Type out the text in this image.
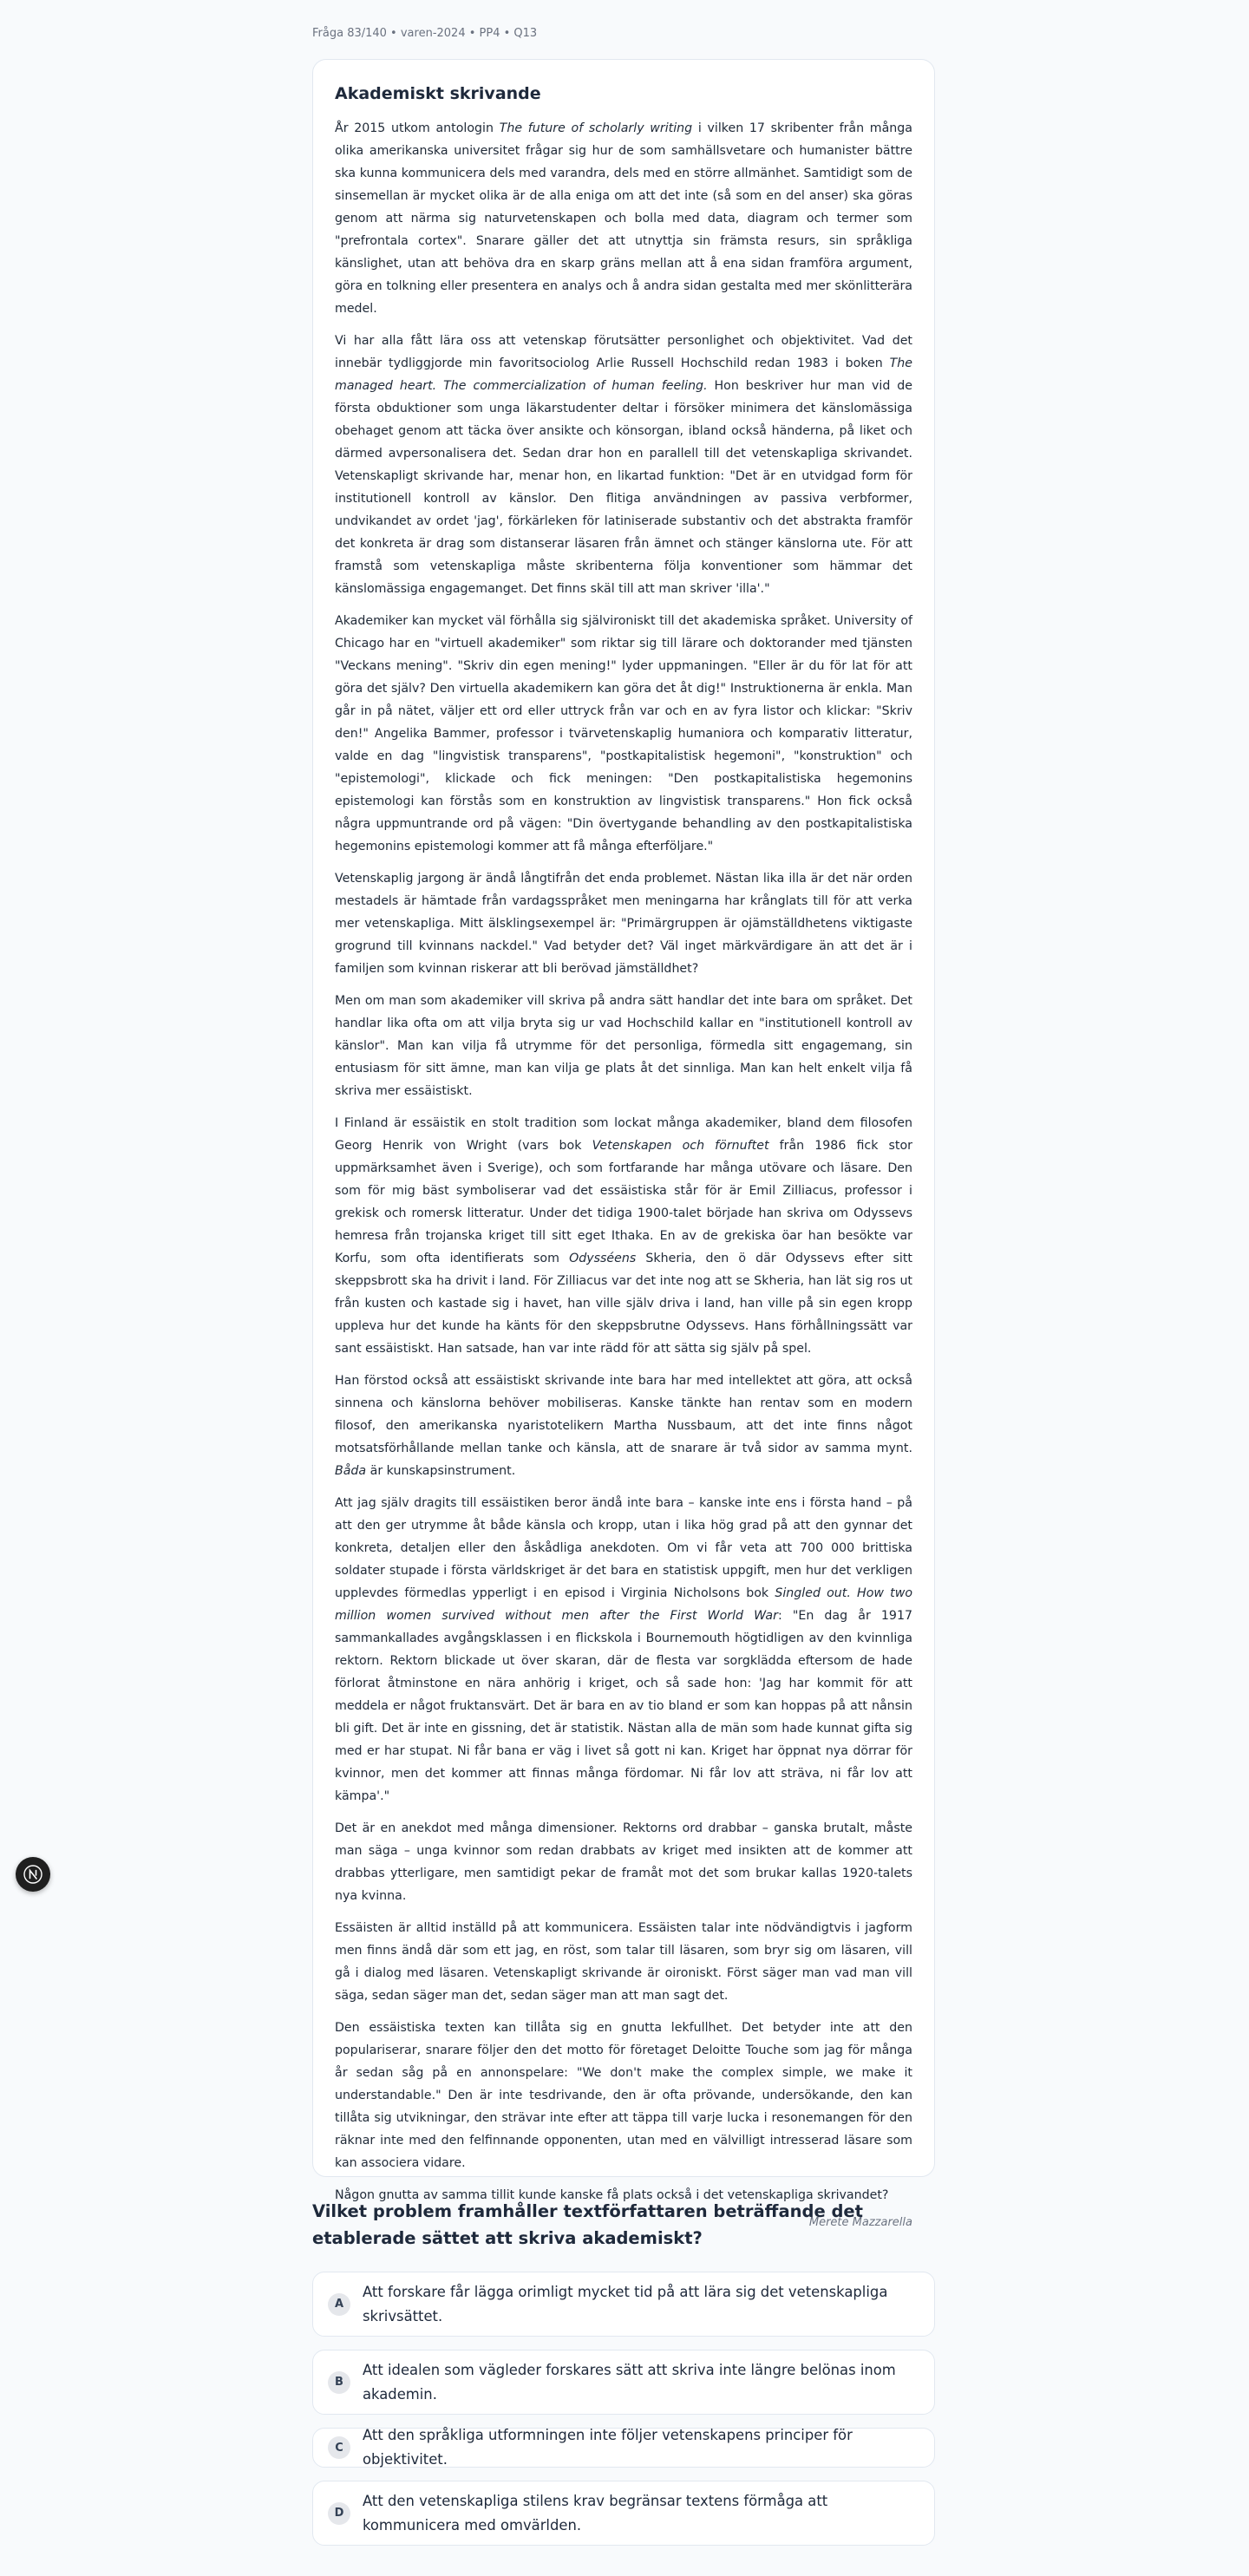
Fråga 83/140 • varen-2024 • PP4 • Q13
Akademiskt skrivande

År 2015 utkom antologin The future of scholarly writing i vilken 17 skribenter från många olika amerikanska universitet frågar sig hur de som samhällsvetare och humanister bättre ska kunna kommunicera dels med varandra, dels med en större allmänhet. Samtidigt som de sinsemellan är mycket olika är de alla eniga om att det inte (så som en del anser) ska göras genom att närma sig naturvetenskapen och bolla med data, diagram och termer som "prefrontala cortex". Snarare gäller det att utnyttja sin främsta resurs, sin språkliga känslighet, utan att behöva dra en skarp gräns mellan att å ena sidan framföra argument, göra en tolkning eller presentera en analys och å andra sidan gestalta med mer skönlitterära medel.

Vi har alla fått lära oss att vetenskap förutsätter personlighet och objektivitet. Vad det innebär tydliggjorde min favoritsociolog Arlie Russell Hochschild redan 1983 i boken The managed heart. The commercialization of human feeling. Hon beskriver hur man vid de första obduktioner som unga läkarstudenter deltar i försöker minimera det känslomässiga obehaget genom att täcka över ansikte och könsorgan, ibland också händerna, på liket och därmed avpersonalisera det. Sedan drar hon en parallell till det vetenskapliga skrivandet. Vetenskapligt skrivande har, menar hon, en likartad funktion: "Det är en utvidgad form för institutionell kontroll av känslor. Den flitiga användningen av passiva verbformer, undvikandet av ordet 'jag', förkärleken för latiniserade substantiv och det abstrakta framför det konkreta är drag som distanserar läsaren från ämnet och stänger känslorna ute. För att framstå som vetenskapliga måste skribenterna följa konventioner som hämmar det känslomässiga engagemanget. Det finns skäl till att man skriver 'illa'."

Akademiker kan mycket väl förhålla sig självironiskt till det akademiska språket. University of Chicago har en "virtuell akademiker" som riktar sig till lärare och doktorander med tjänsten "Veckans mening". "Skriv din egen mening!" lyder uppmaningen. "Eller är du för lat för att göra det själv? Den virtuella akademikern kan göra det åt dig!" Instruktionerna är enkla. Man går in på nätet, väljer ett ord eller uttryck från var och en av fyra listor och klickar: "Skriv den!" Angelika Bammer, professor i tvärvetenskaplig humaniora och komparativ litteratur, valde en dag "lingvistisk transparens", "postkapitalistisk hegemoni", "konstruktion" och "epistemologi", klickade och fick meningen: "Den postkapitalistiska hegemonins epistemologi kan förstås som en konstruktion av lingvistisk transparens." Hon fick också några uppmuntrande ord på vägen: "Din övertygande behandling av den postkapitalistiska hegemonins epistemologi kommer att få många efterföljare."

Vetenskaplig jargong är ändå långtifrån det enda problemet. Nästan lika illa är det när orden mestadels är hämtade från vardagsspråket men meningarna har krånglats till för att verka mer vetenskapliga. Mitt älsklingsexempel är: "Primärgruppen är ojämställdhetens viktigaste grogrund till kvinnans nackdel." Vad betyder det? Väl inget märkvärdigare än att det är i familjen som kvinnan riskerar att bli berövad jämställdhet?

Men om man som akademiker vill skriva på andra sätt handlar det inte bara om språket. Det handlar lika ofta om att vilja bryta sig ur vad Hochschild kallar en "institutionell kontroll av känslor". Man kan vilja få utrymme för det personliga, förmedla sitt engagemang, sin entusiasm för sitt ämne, man kan vilja ge plats åt det sinnliga. Man kan helt enkelt vilja få skriva mer essäistiskt.

I Finland är essäistik en stolt tradition som lockat många akademiker, bland dem filosofen Georg Henrik von Wright (vars bok Vetenskapen och förnuftet från 1986 fick stor uppmärksamhet även i Sverige), och som fortfarande har många utövare och läsare. Den som för mig bäst symboliserar vad det essäistiska står för är Emil Zilliacus, professor i grekisk och romersk litteratur. Under det tidiga 1900-talet började han skriva om Odyssevs hemresa från trojanska kriget till sitt eget Ithaka. En av de grekiska öar han besökte var Korfu, som ofta identifierats som Odysséens Skheria, den ö där Odyssevs efter sitt skeppsbrott ska ha drivit i land. För Zilliacus var det inte nog att se Skheria, han lät sig ros ut från kusten och kastade sig i havet, han ville själv driva i land, han ville på sin egen kropp uppleva hur det kunde ha känts för den skeppsbrutne Odyssevs. Hans förhållningssätt var sant essäistiskt. Han satsade, han var inte rädd för att sätta sig själv på spel.

Han förstod också att essäistiskt skrivande inte bara har med intellektet att göra, att också sinnena och känslorna behöver mobiliseras. Kanske tänkte han rentav som en modern filosof, den amerikanska nyaristotelikern Martha Nussbaum, att det inte finns något motsatsförhållande mellan tanke och känsla, att de snarare är två sidor av samma mynt. Båda är kunskapsinstrument.

Att jag själv dragits till essäistiken beror ändå inte bara – kanske inte ens i första hand – på att den ger utrymme åt både känsla och kropp, utan i lika hög grad på att den gynnar det konkreta, detaljen eller den åskådliga anekdoten. Om vi får veta att 700 000 brittiska soldater stupade i första världskriget är det bara en statistisk uppgift, men hur det verkligen upplevdes förmedlas ypperligt i en episod i Virginia Nicholsons bok Singled out. How two million women survived without men after the First World War: "En dag år 1917 sammankallades avgångsklassen i en flickskola i Bournemouth högtidligen av den kvinnliga rektorn. Rektorn blickade ut över skaran, där de flesta var sorgklädda eftersom de hade förlorat åtminstone en nära anhörig i kriget, och så sade hon: 'Jag har kommit för att meddela er något fruktansvärt. Det är bara en av tio bland er som kan hoppas på att nånsin bli gift. Det är inte en gissning, det är statistik. Nästan alla de män som hade kunnat gifta sig med er har stupat. Ni får bana er väg i livet så gott ni kan. Kriget har öppnat nya dörrar för kvinnor, men det kommer att finnas många fördomar. Ni får lov att sträva, ni får lov att kämpa'."

Det är en anekdot med många dimensioner. Rektorns ord drabbar – ganska brutalt, måste man säga – unga kvinnor som redan drabbats av kriget med insikten att de kommer att drabbas ytterligare, men samtidigt pekar de framåt mot det som brukar kallas 1920-talets nya kvinna.

Essäisten är alltid inställd på att kommunicera. Essäisten talar inte nödvändigtvis i jagform men finns ändå där som ett jag, en röst, som talar till läsaren, som bryr sig om läsaren, vill gå i dialog med läsaren. Vetenskapligt skrivande är oironiskt. Först säger man vad man vill säga, sedan säger man det, sedan säger man att man sagt det.

Den essäistiska texten kan tillåta sig en gnutta lekfullhet. Det betyder inte att den populariserar, snarare följer den det motto för företaget Deloitte Touche som jag för många år sedan såg på en annonspelare: "We don't make the complex simple, we make it understandable." Den är inte tesdrivande, den är ofta prövande, undersökande, den kan tillåta sig utvikningar, den strävar inte efter att täppa till varje lucka i resonemangen för den räknar inte med den felfinnande opponenten, utan med en välvilligt intresserad läsare som kan associera vidare.

Någon gnutta av samma tillit kunde kanske få plats också i det vetenskapliga skrivandet?

Merete Mazzarella
Vilket problem framhåller textförfattaren beträffande det etablerade sättet att skriva akademiskt?
A
Att forskare får lägga orimligt mycket tid på att lära sig det vetenskapliga skrivsättet.
B
Att idealen som vägleder forskares sätt att skriva inte längre belönas inom akademin.
C
Att den språkliga utformningen inte följer vetenskapens principer för objektivitet.
D
Att den vetenskapliga stilens krav begränsar textens förmåga att kommunicera med omvärlden.
